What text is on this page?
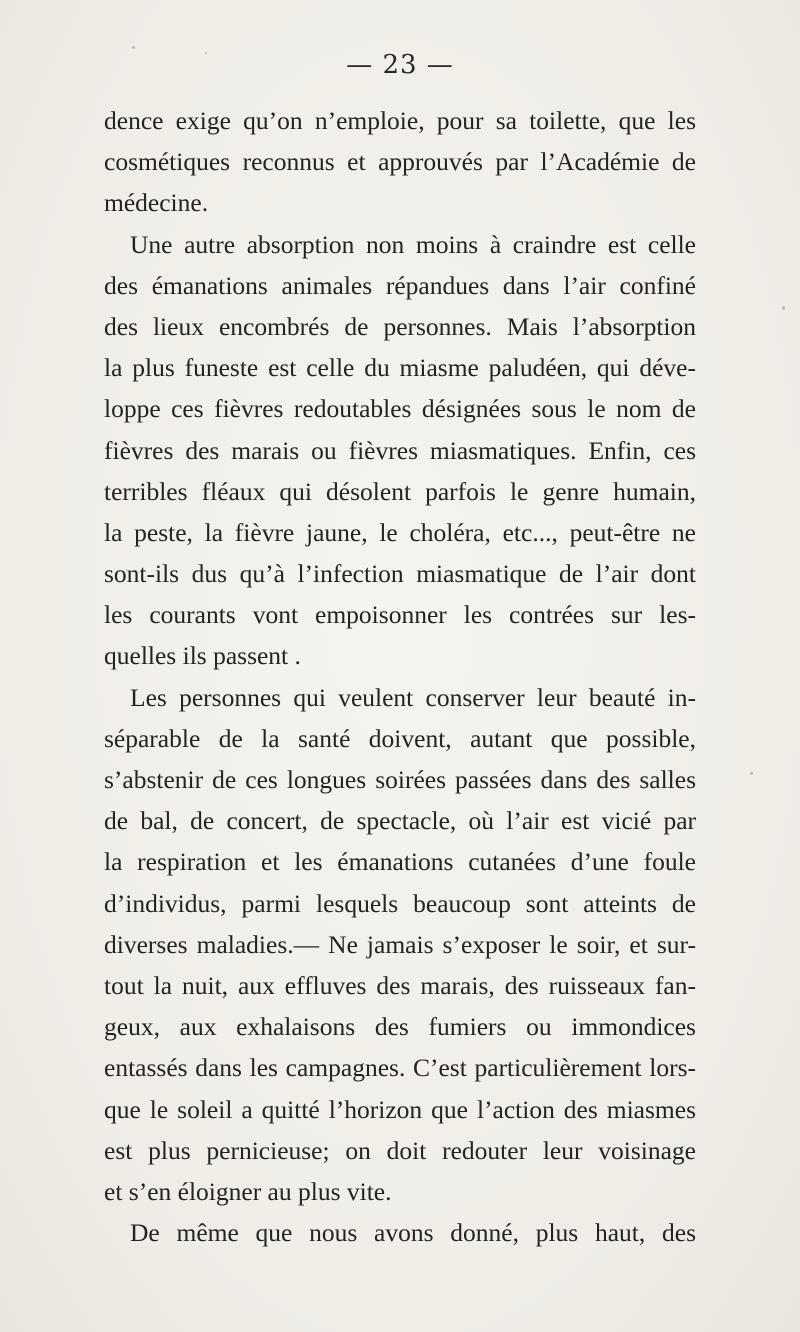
— 23 —
dence exige qu’on n’emploie, pour sa toilette, que les
cosmétiques reconnus et approuvés par l’Académie de
médecine.
Une autre absorption non moins à craindre est celle
des émanations animales répandues dans l’air confiné
des lieux encombrés de personnes. Mais l’absorption
la plus funeste est celle du miasme paludéen, qui déve-
loppe ces fièvres redoutables désignées sous le nom de
fièvres des marais ou fièvres miasmatiques. Enfin, ces
terribles fléaux qui désolent parfois le genre humain,
la peste, la fièvre jaune, le choléra, etc..., peut-être ne
sont-ils dus qu’à l’infection miasmatique de l’air dont
les courants vont empoisonner les contrées sur les-
quelles ils passent .
Les personnes qui veulent conserver leur beauté in-
séparable de la santé doivent, autant que possible,
s’abstenir de ces longues soirées passées dans des salles
de bal, de concert, de spectacle, où l’air est vicié par
la respiration et les émanations cutanées d’une foule
d’individus, parmi lesquels beaucoup sont atteints de
diverses maladies.— Ne jamais s’exposer le soir, et sur-
tout la nuit, aux effluves des marais, des ruisseaux fan-
geux, aux exhalaisons des fumiers ou immondices
entassés dans les campagnes. C’est particulièrement lors-
que le soleil a quitté l’horizon que l’action des miasmes
est plus pernicieuse; on doit redouter leur voisinage
et s’en éloigner au plus vite.
De même que nous avons donné, plus haut, des
